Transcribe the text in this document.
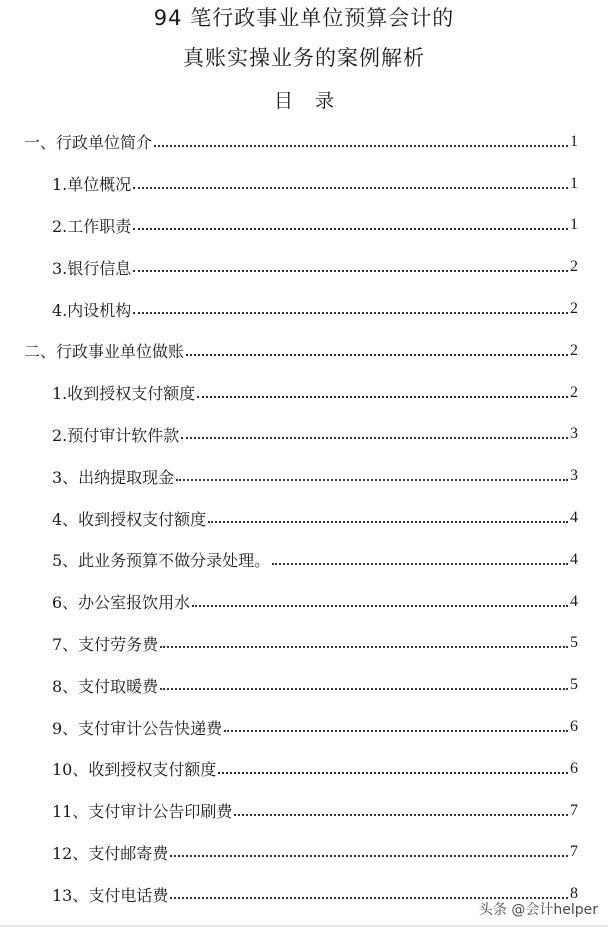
94 笔行政事业单位预算会计的
真账实操业务的案例解析
目录
一、行政单位简介	1
1.单位概况	1
2.工作职责	1
3.银行信息	2
4.内设机构	2
二、行政事业单位做账	2
1.收到授权支付额度	2
2.预付审计软件款	3
3、出纳提取现金	3
4、收到授权支付额度	4
5、此业务预算不做分录处理。	4
6、办公室报饮用水	4
7、支付劳务费	5
8、支付取暖费	5
9、支付审计公告快递费	6
10、收到授权支付额度	6
11、支付审计公告印刷费	7
12、支付邮寄费	7
13、支付电话费	8
头条 @会计helper
